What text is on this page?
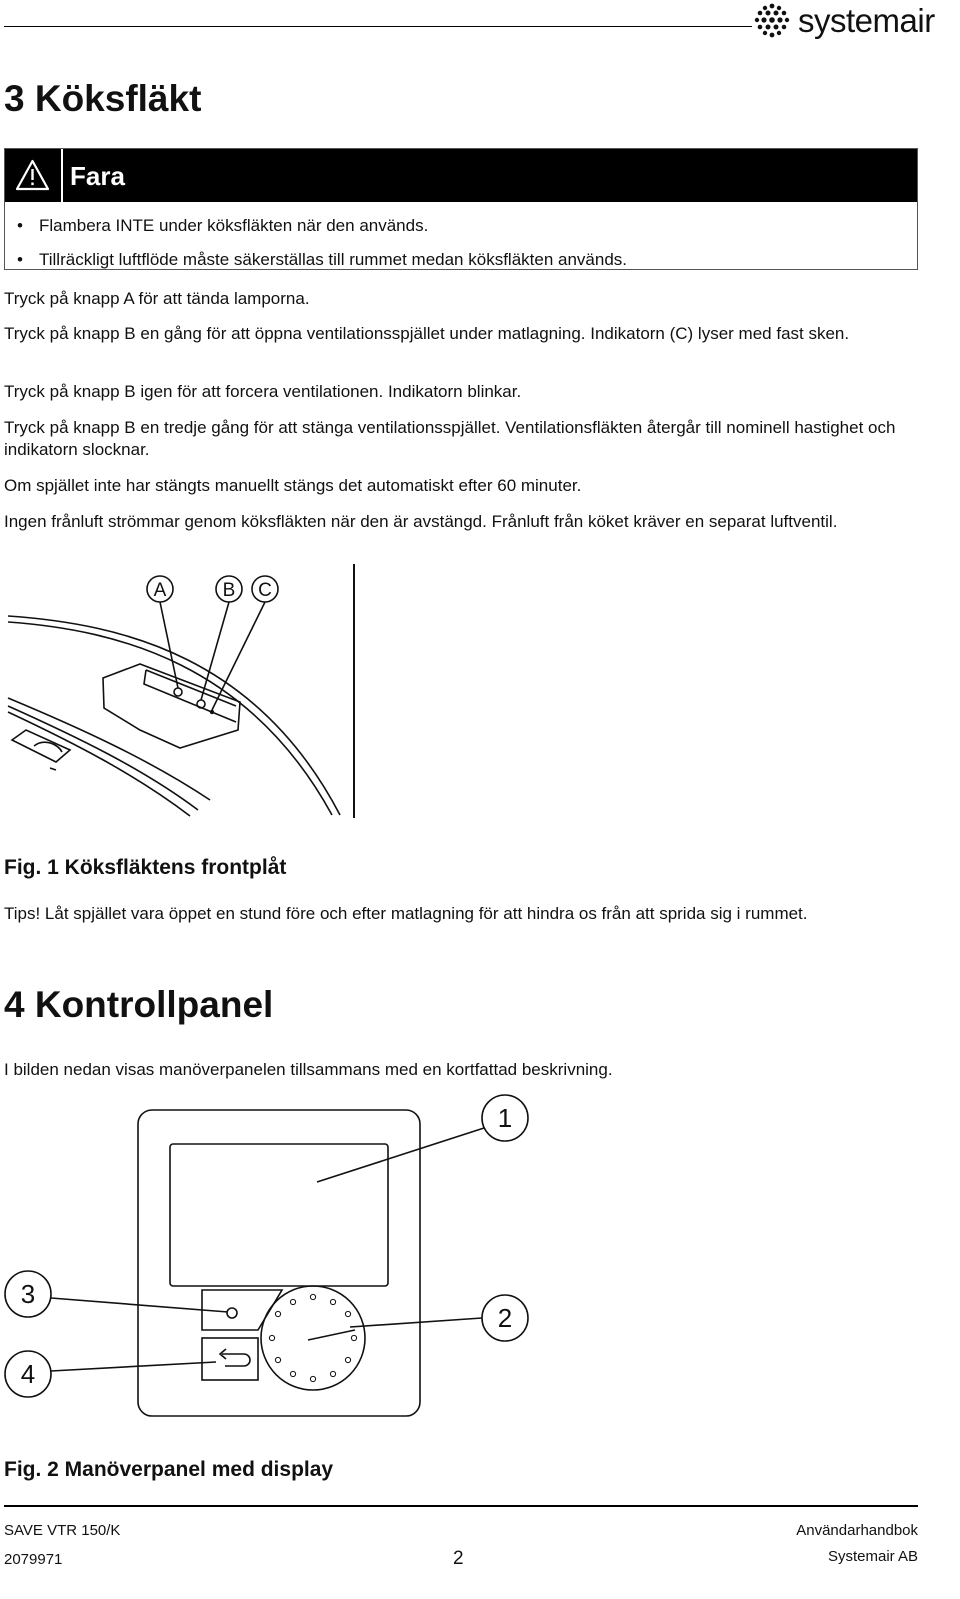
systemair
3 Köksfläkt
Fara
• Flambera INTE under köksfläkten när den används.
• Tillräckligt luftflöde måste säkerställas till rummet medan köksfläkten används.

Tryck på knapp A för att tända lamporna.

Tryck på knapp B en gång för att öppna ventilationsspjället under matlagning. Indikatorn (C) lyser med fast sken.

Tryck på knapp B igen för att forcera ventilationen. Indikatorn blinkar.

Tryck på knapp B en tredje gång för att stänga ventilationsspjället. Ventilationsfläkten återgår till nominell hastighet och indikatorn slocknar.

Om spjället inte har stängts manuellt stängs det automatiskt efter 60 minuter.

Ingen frånluft strömmar genom köksfläkten när den är avstängd. Frånluft från köket kräver en separat luftventil.

A	B C
Fig. 1 Köksfläktens frontplåt

Tips! Låt spjället vara öppet en stund före och efter matlagning för att hindra os från att sprida sig i rummet.

4 Kontrollpanel

I bilden nedan visas manöverpanelen tillsammans med en kortfattad beskrivning.

1
2
3
4
Fig. 2 Manöverpanel med display
SAVE VTR 150/K
2079971	2
Användarhandbok
Systemair AB
